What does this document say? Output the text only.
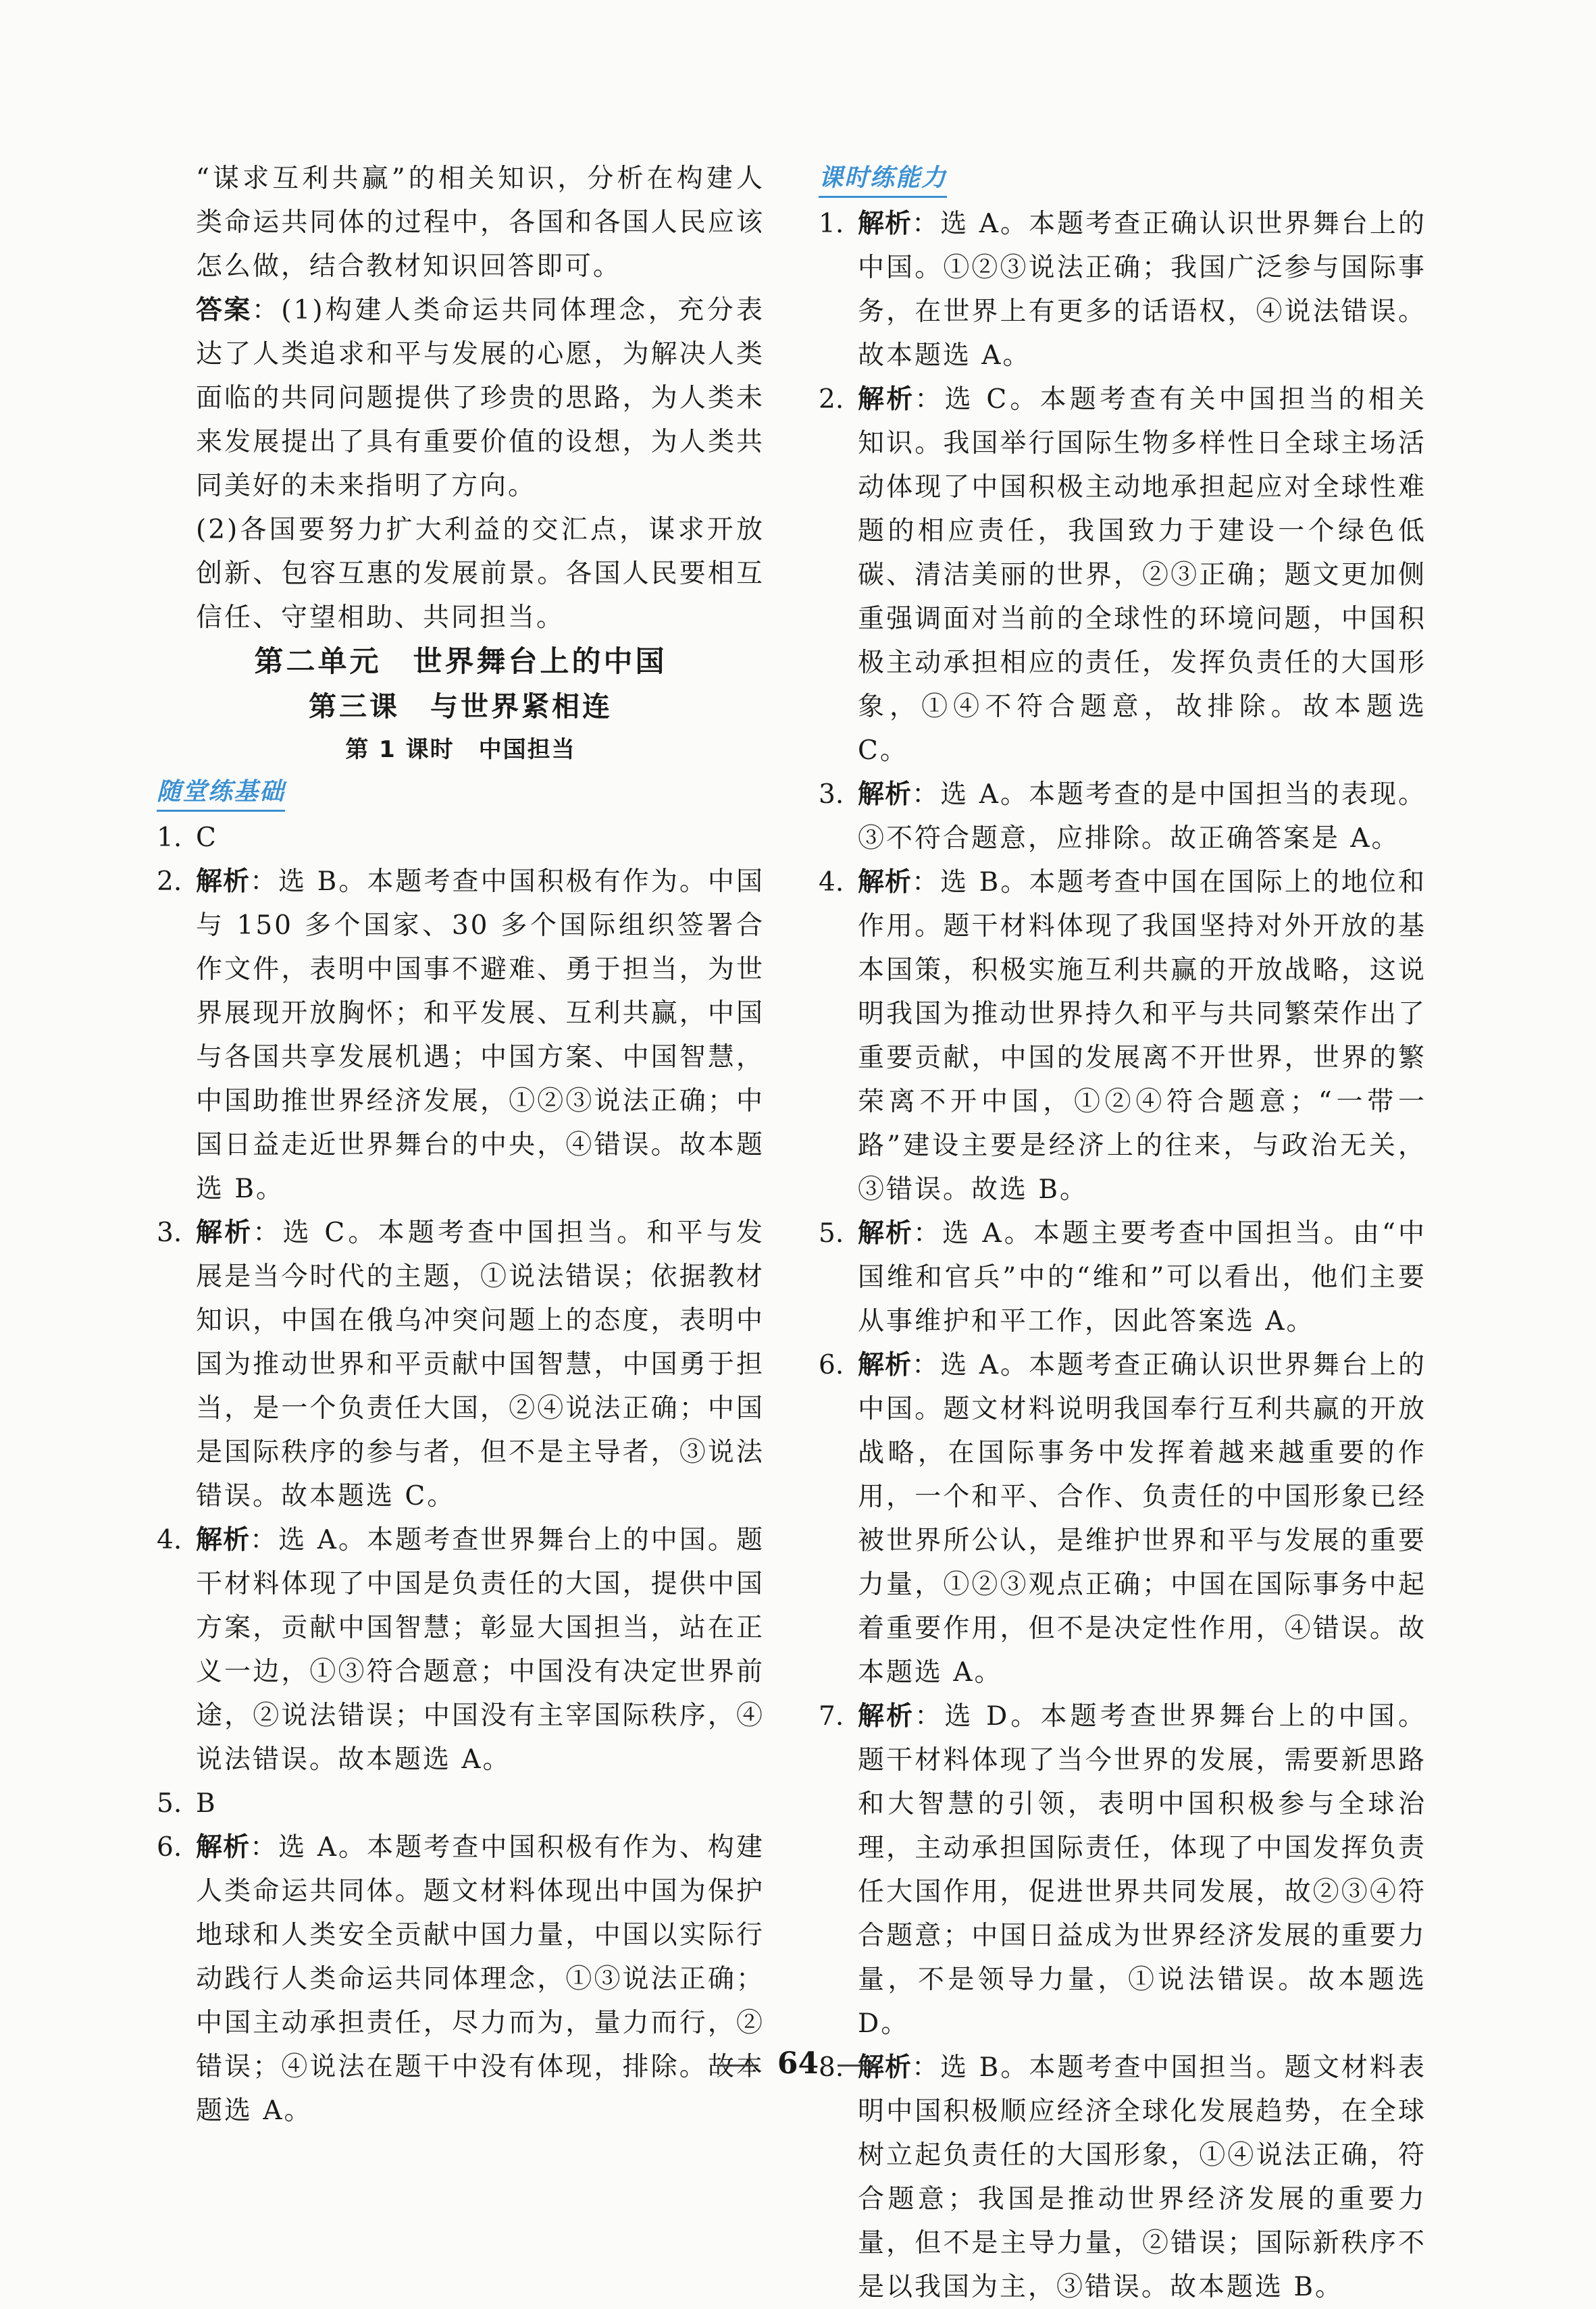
“谋求互利共赢”的相关知识，分析在构建人类命运共同体的过程中，各国和各国人民应该怎么做，结合教材知识回答即可。

答案：(1)构建人类命运共同体理念，充分表达了人类追求和平与发展的心愿，为解决人类面临的共同问题提供了珍贵的思路，为人类未来发展提出了具有重要价值的设想，为人类共同美好的未来指明了方向。

(2)各国要努力扩大利益的交汇点，谋求开放创新、包容互惠的发展前景。各国人民要相互信任、守望相助、共同担当。

第二单元　世界舞台上的中国

第三课　与世界紧相连

第 1 课时　中国担当

随堂练基础
1. C

2. 解析：选 B。本题考查中国积极有作为。中国与 150 多个国家、30 多个国际组织签署合作文件，表明中国事不避难、勇于担当，为世界展现开放胸怀；和平发展、互利共赢，中国与各国共享发展机遇；中国方案、中国智慧，中国助推世界经济发展，①②③说法正确；中国日益走近世界舞台的中央，④错误。故本题选 B。

3. 解析：选 C。本题考查中国担当。和平与发展是当今时代的主题，①说法错误；依据教材知识，中国在俄乌冲突问题上的态度，表明中国为推动世界和平贡献中国智慧，中国勇于担当，是一个负责任大国，②④说法正确；中国是国际秩序的参与者，但不是主导者，③说法错误。故本题选 C。

4. 解析：选 A。本题考查世界舞台上的中国。题干材料体现了中国是负责任的大国，提供中国方案，贡献中国智慧；彰显大国担当，站在正义一边，①③符合题意；中国没有决定世界前途，②说法错误；中国没有主宰国际秩序，④说法错误。故本题选 A。

5. B

6. 解析：选 A。本题考查中国积极有作为、构建人类命运共同体。题文材料体现出中国为保护地球和人类安全贡献中国力量，中国以实际行动践行人类命运共同体理念，①③说法正确；中国主动承担责任，尽力而为，量力而行，②错误；④说法在题干中没有体现，排除。故本题选 A。

课时练能力
1. 解析：选 A。本题考查正确认识世界舞台上的中国。①②③说法正确；我国广泛参与国际事务，在世界上有更多的话语权，④说法错误。故本题选 A。

2. 解析：选 C。本题考查有关中国担当的相关知识。我国举行国际生物多样性日全球主场活动体现了中国积极主动地承担起应对全球性难题的相应责任，我国致力于建设一个绿色低碳、清洁美丽的世界，②③正确；题文更加侧重强调面对当前的全球性的环境问题，中国积极主动承担相应的责任，发挥负责任的大国形象，①④不符合题意，故排除。故本题选 C。

3. 解析：选 A。本题考查的是中国担当的表现。③不符合题意，应排除。故正确答案是 A。

4. 解析：选 B。本题考查中国在国际上的地位和作用。题干材料体现了我国坚持对外开放的基本国策，积极实施互利共赢的开放战略，这说明我国为推动世界持久和平与共同繁荣作出了重要贡献，中国的发展离不开世界，世界的繁荣离不开中国，①②④符合题意；“一带一路”建设主要是经济上的往来，与政治无关，③错误。故选 B。

5. 解析：选 A。本题主要考查中国担当。由“中国维和官兵”中的“维和”可以看出，他们主要从事维护和平工作，因此答案选 A。

6. 解析：选 A。本题考查正确认识世界舞台上的中国。题文材料说明我国奉行互利共赢的开放战略，在国际事务中发挥着越来越重要的作用，一个和平、合作、负责任的中国形象已经被世界所公认，是维护世界和平与发展的重要力量，①②③观点正确；中国在国际事务中起着重要作用，但不是决定性作用，④错误。故本题选 A。

7. 解析：选 D。本题考查世界舞台上的中国。题干材料体现了当今世界的发展，需要新思路和大智慧的引领，表明中国积极参与全球治理，主动承担国际责任，体现了中国发挥负责任大国作用，促进世界共同发展，故②③④符合题意；中国日益成为世界经济发展的重要力量，不是领导力量，①说法错误。故本题选 D。

8. 解析：选 B。本题考查中国担当。题文材料表明中国积极顺应经济全球化发展趋势，在全球树立起负责任的大国形象，①④说法正确，符合题意；我国是推动世界经济发展的重要力量，但不是主导力量，②错误；国际新秩序不是以我国为主，③错误。故本题选 B。

64
